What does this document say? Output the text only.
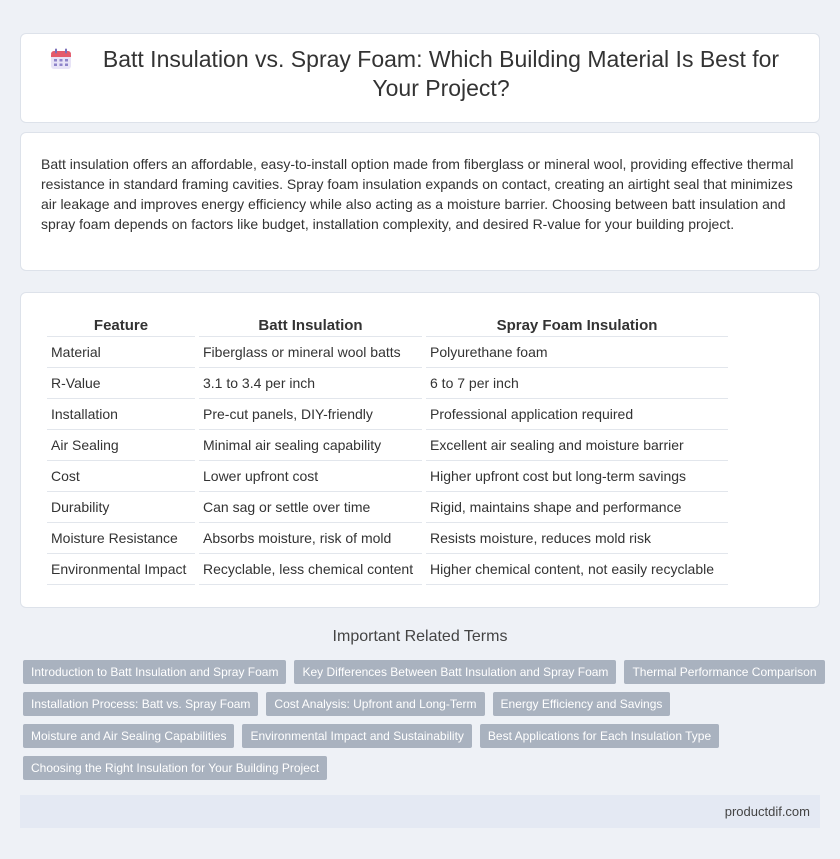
Batt Insulation vs. Spray Foam: Which Building Material Is Best for Your Project?

Batt insulation offers an affordable, easy-to-install option made from fiberglass or mineral wool, providing effective thermal resistance in standard framing cavities. Spray foam insulation expands on contact, creating an airtight seal that minimizes air leakage and improves energy efficiency while also acting as a moisture barrier. Choosing between batt insulation and spray foam depends on factors like budget, installation complexity, and desired R-value for your building project.

Feature	Batt Insulation	Spray Foam Insulation
Material	Fiberglass or mineral wool batts	Polyurethane foam
R-Value	3.1 to 3.4 per inch	6 to 7 per inch
Installation	Pre-cut panels, DIY-friendly	Professional application required
Air Sealing	Minimal air sealing capability	Excellent air sealing and moisture barrier
Cost	Lower upfront cost	Higher upfront cost but long-term savings
Durability	Can sag or settle over time	Rigid, maintains shape and performance
Moisture Resistance	Absorbs moisture, risk of mold	Resists moisture, reduces mold risk
Environmental Impact	Recyclable, less chemical content	Higher chemical content, not easily recyclable
Important Related Terms
Introduction to Batt Insulation and Spray Foam	Key Differences Between Batt Insulation and Spray Foam	Thermal Performance Comparison
Installation Process: Batt vs. Spray Foam	Cost Analysis: Upfront and Long-Term	Energy Efficiency and Savings
Moisture and Air Sealing Capabilities	Environmental Impact and Sustainability	Best Applications for Each Insulation Type
Choosing the Right Insulation for Your Building Project
productdif.com
